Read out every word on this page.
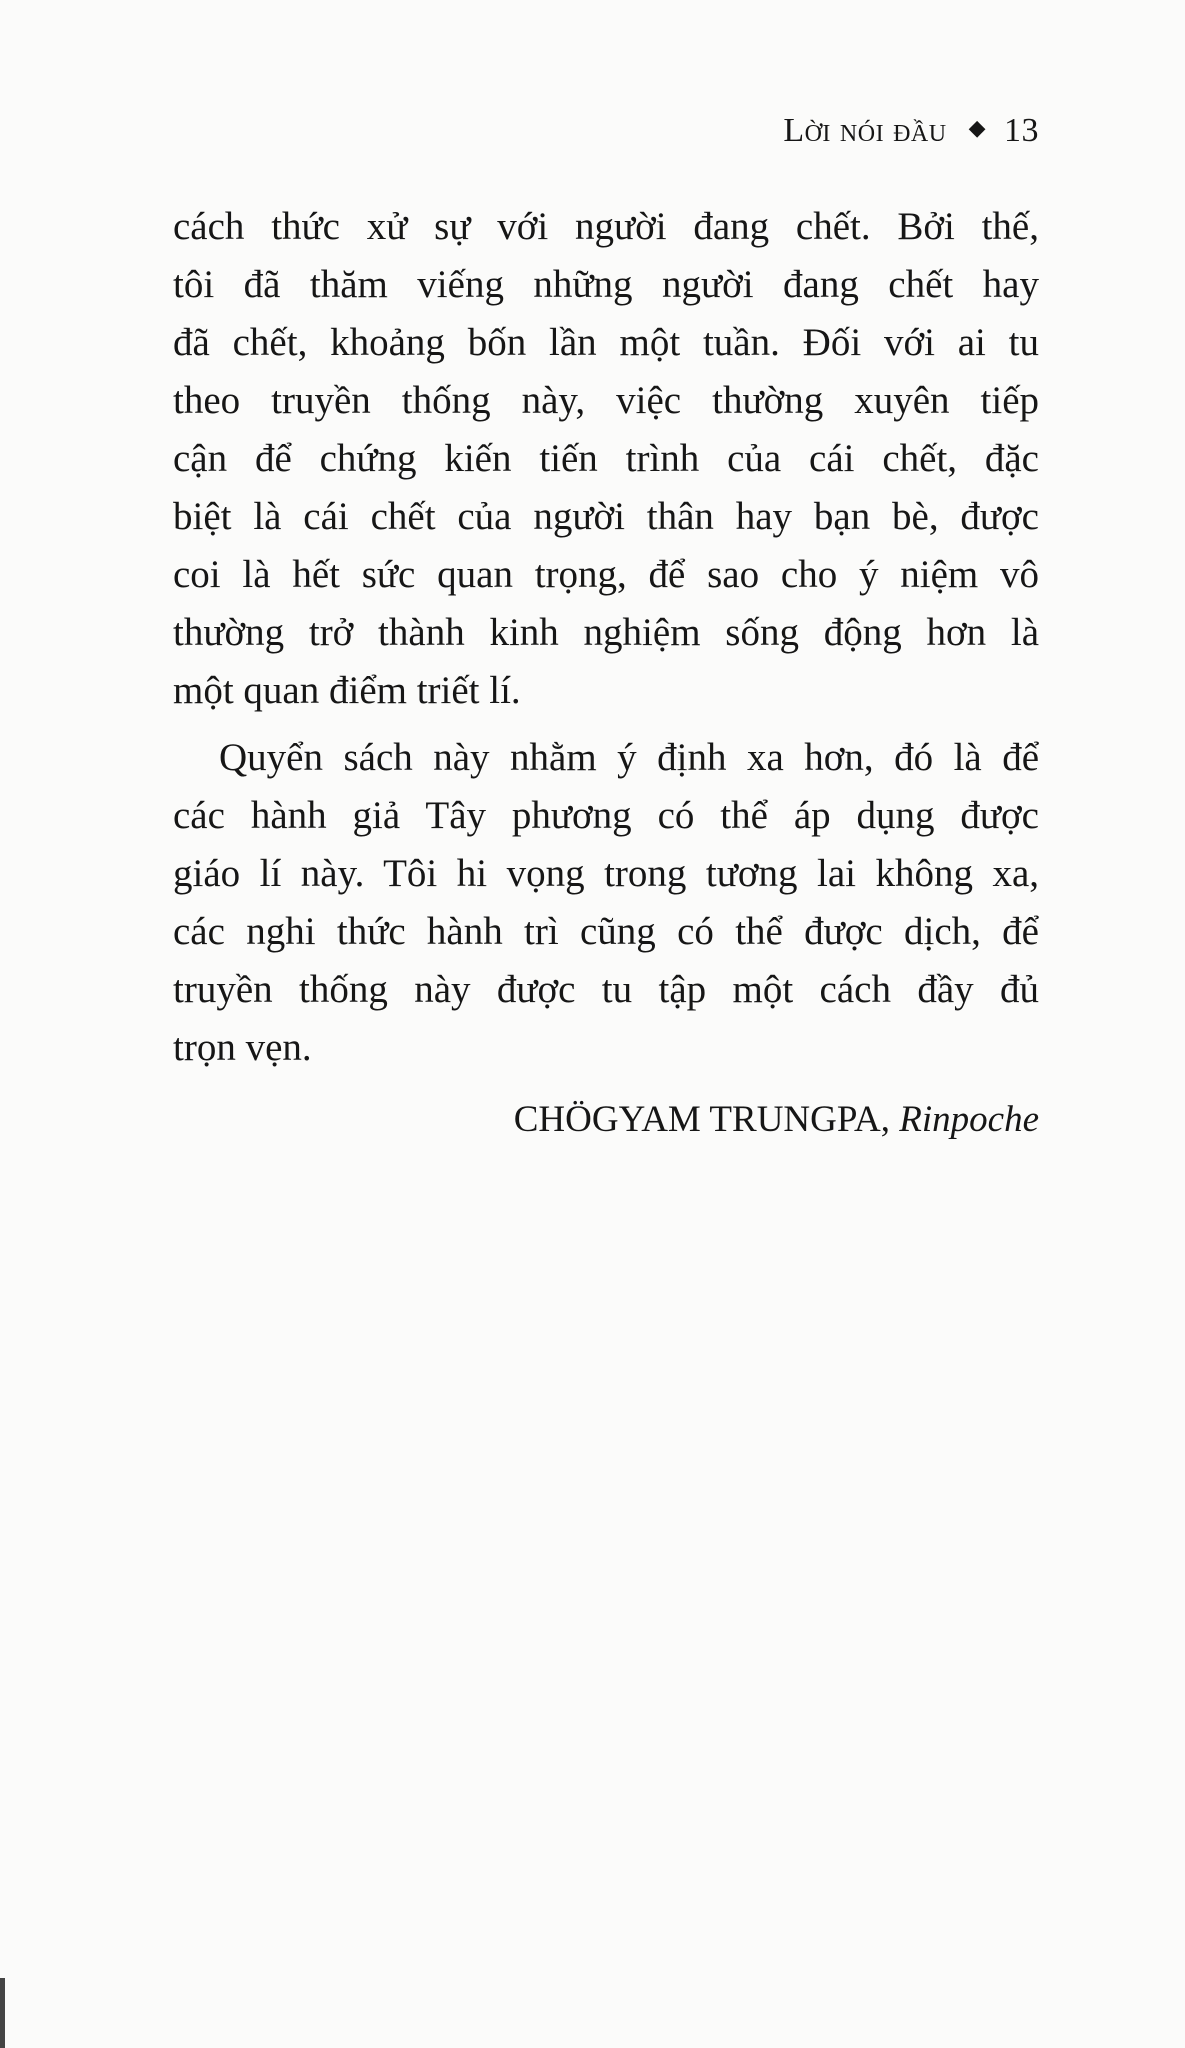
Lời nói đầu ◆ 13
cách thức xử sự với người đang chết. Bởi thế,
tôi đã thăm viếng những người đang chết hay
đã chết, khoảng bốn lần một tuần. Đối với ai tu
theo truyền thống này, việc thường xuyên tiếp
cận để chứng kiến tiến trình của cái chết, đặc
biệt là cái chết của người thân hay bạn bè, được
coi là hết sức quan trọng, để sao cho ý niệm vô
thường trở thành kinh nghiệm sống động hơn là
một quan điểm triết lí.
Quyển sách này nhằm ý định xa hơn, đó là để
các hành giả Tây phương có thể áp dụng được
giáo lí này. Tôi hi vọng trong tương lai không xa,
các nghi thức hành trì cũng có thể được dịch, để
truyền thống này được tu tập một cách đầy đủ
trọn vẹn.
CHÖGYAM TRUNGPA, Rinpoche
